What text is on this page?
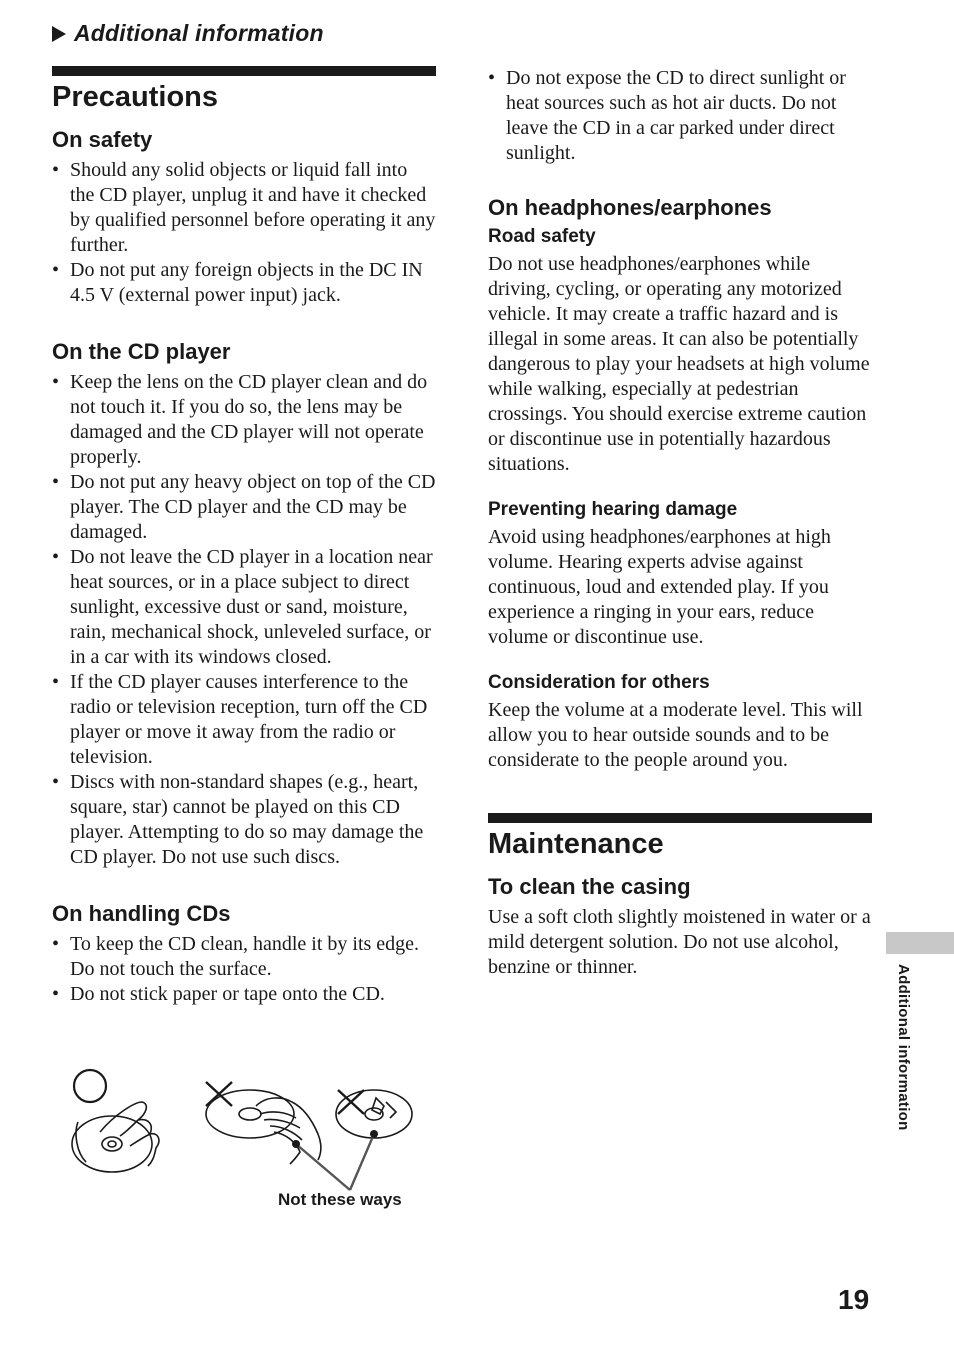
Additional information
Precautions
On safety
• Should any solid objects or liquid fall into the CD player, unplug it and have it checked by qualified personnel before operating it any further.
• Do not put any foreign objects in the DC IN 4.5 V (external power input) jack.
On the CD player
• Keep the lens on the CD player clean and do not touch it. If you do so, the lens may be damaged and the CD player will not operate properly.
• Do not put any heavy object on top of the CD player. The CD player and the CD may be damaged.
• Do not leave the CD player in a location near heat sources, or in a place subject to direct sunlight, excessive dust or sand, moisture, rain, mechanical shock, unleveled surface, or in a car with its windows closed.
• If the CD player causes interference to the radio or television reception, turn off the CD player or move it away from the radio or television.
• Discs with non-standard shapes (e.g., heart, square, star) cannot be played on this CD player. Attempting to do so may damage the CD player. Do not use such discs.
On handling CDs
• To keep the CD clean, handle it by its edge. Do not touch the surface.
• Do not stick paper or tape onto the CD.
Not these ways
• Do not expose the CD to direct sunlight or heat sources such as hot air ducts. Do not leave the CD in a car parked under direct sunlight.
On headphones/earphones
Road safety

Do not use headphones/earphones while driving, cycling, or operating any motorized vehicle. It may create a traffic hazard and is illegal in some areas. It can also be potentially dangerous to play your headsets at high volume while walking, especially at pedestrian crossings. You should exercise extreme caution or discontinue use in potentially hazardous situations.

Preventing hearing damage

Avoid using headphones/earphones at high volume. Hearing experts advise against continuous, loud and extended play. If you experience a ringing in your ears, reduce volume or discontinue use.

Consideration for others

Keep the volume at a moderate level. This will allow you to hear outside sounds and to be considerate to the people around you.

Maintenance
To clean the casing

Use a soft cloth slightly moistened in water or a mild detergent solution. Do not use alcohol, benzine or thinner.	Additional information
19
